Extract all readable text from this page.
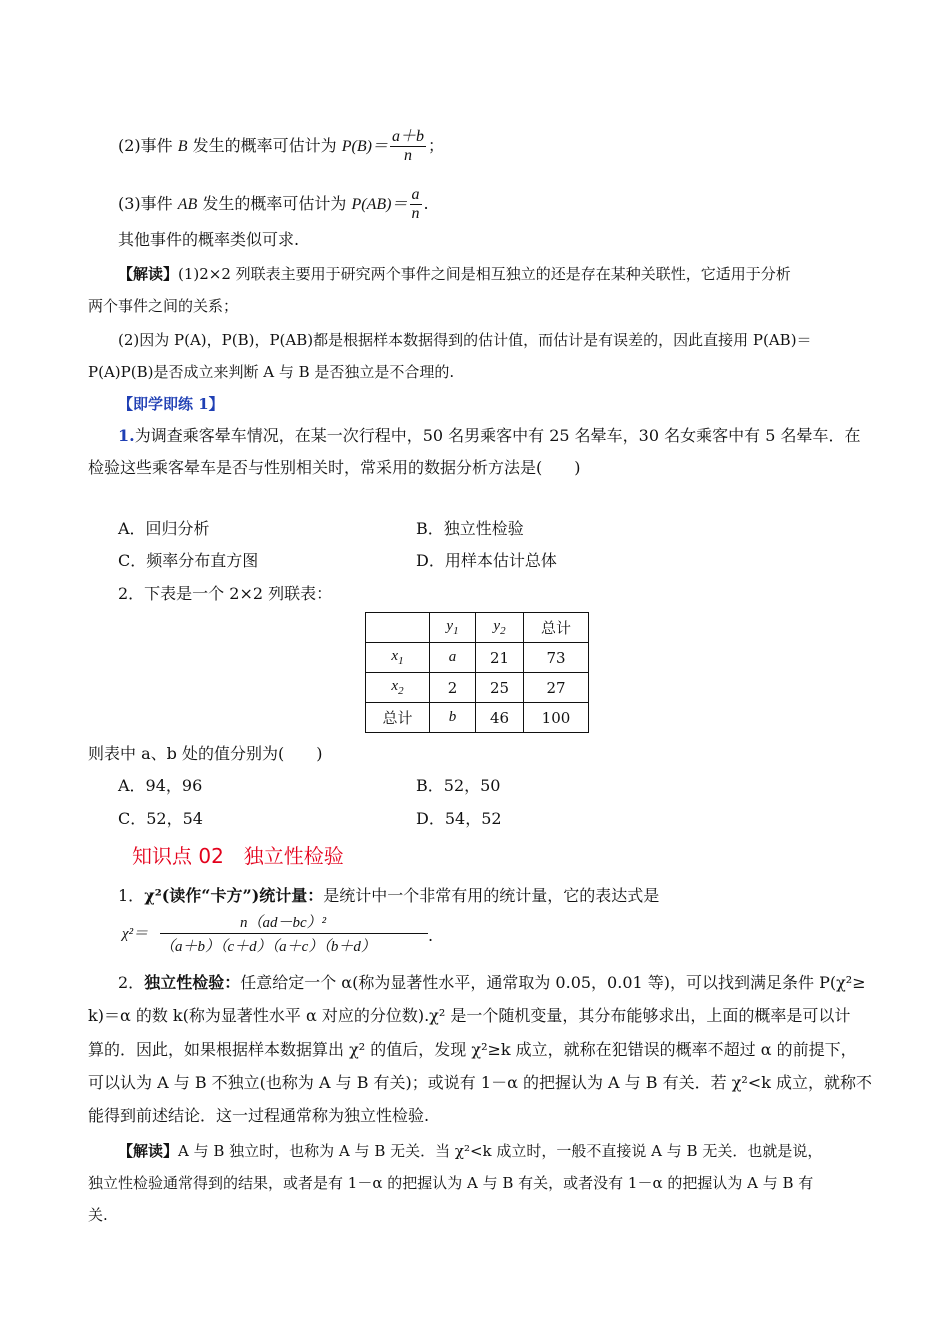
(2)事件 B 发生的概率可估计为 $P(B)= \frac{a+b}{n}$ ；
(3)事件 AB 发生的概率可估计为 $P(AB)= \frac{a}{n}$ .
其他事件的概率类似可求.
【解读】(1)2×2 列联表主要用于研究两个事件之间是相互独立的还是存在某种关联性，它适用于分析
两个事件之间的关系；
(2)因为 P(A)，P(B)，P(AB)都是根据样本数据得到的估计值，而估计是有误差的，因此直接用 P(AB)＝
P(A)P(B)是否成立来判断 A 与 B 是否独立是不合理的.
【即学即练 1】
1.为调查乘客晕车情况，在某一次行程中，50 名男乘客中有 25 名晕车，30 名女乘客中有 5 名晕车．在
检验这些乘客晕车是否与性别相关时，常采用的数据分析方法是(　　)
A．回归分析	B．独立性检验
C．频率分布直方图	D．用样本估计总体
2．下表是一个 2×2 列联表：
	$y_1$	$y_2$	总计
$x_1$	a	21	73
$x_2$	2	25	27
总计	b	46	100
则表中 a、b 处的值分别为(　　)
A．94，96	B．52，50
C．52，54	D．54，52
知识点 02　独立性检验
1．χ²(读作“卡方”)统计量：是统计中一个非常有用的统计量，它的表达式是
χ²＝
n（ad－bc）²
（a＋b）（c＋d）（a＋c）（b＋d）
.
2．独立性检验：任意给定一个 α(称为显著性水平，通常取为 0.05，0.01 等)，可以找到满足条件 P(χ²≥
k)＝α 的数 k(称为显著性水平 α 对应的分位数).χ² 是一个随机变量，其分布能够求出，上面的概率是可以计
算的．因此，如果根据样本数据算出 χ² 的值后，发现 χ²≥k 成立，就称在犯错误的概率不超过 α 的前提下，
可以认为 A 与 B 不独立(也称为 A 与 B 有关)；或说有 1－α 的把握认为 A 与 B 有关．若 χ²<k 成立，就称不
能得到前述结论．这一过程通常称为独立性检验.
【解读】A 与 B 独立时，也称为 A 与 B 无关．当 χ²<k 成立时，一般不直接说 A 与 B 无关．也就是说，
独立性检验通常得到的结果，或者是有 1－α 的把握认为 A 与 B 有关，或者没有 1－α 的把握认为 A 与 B 有
关.
